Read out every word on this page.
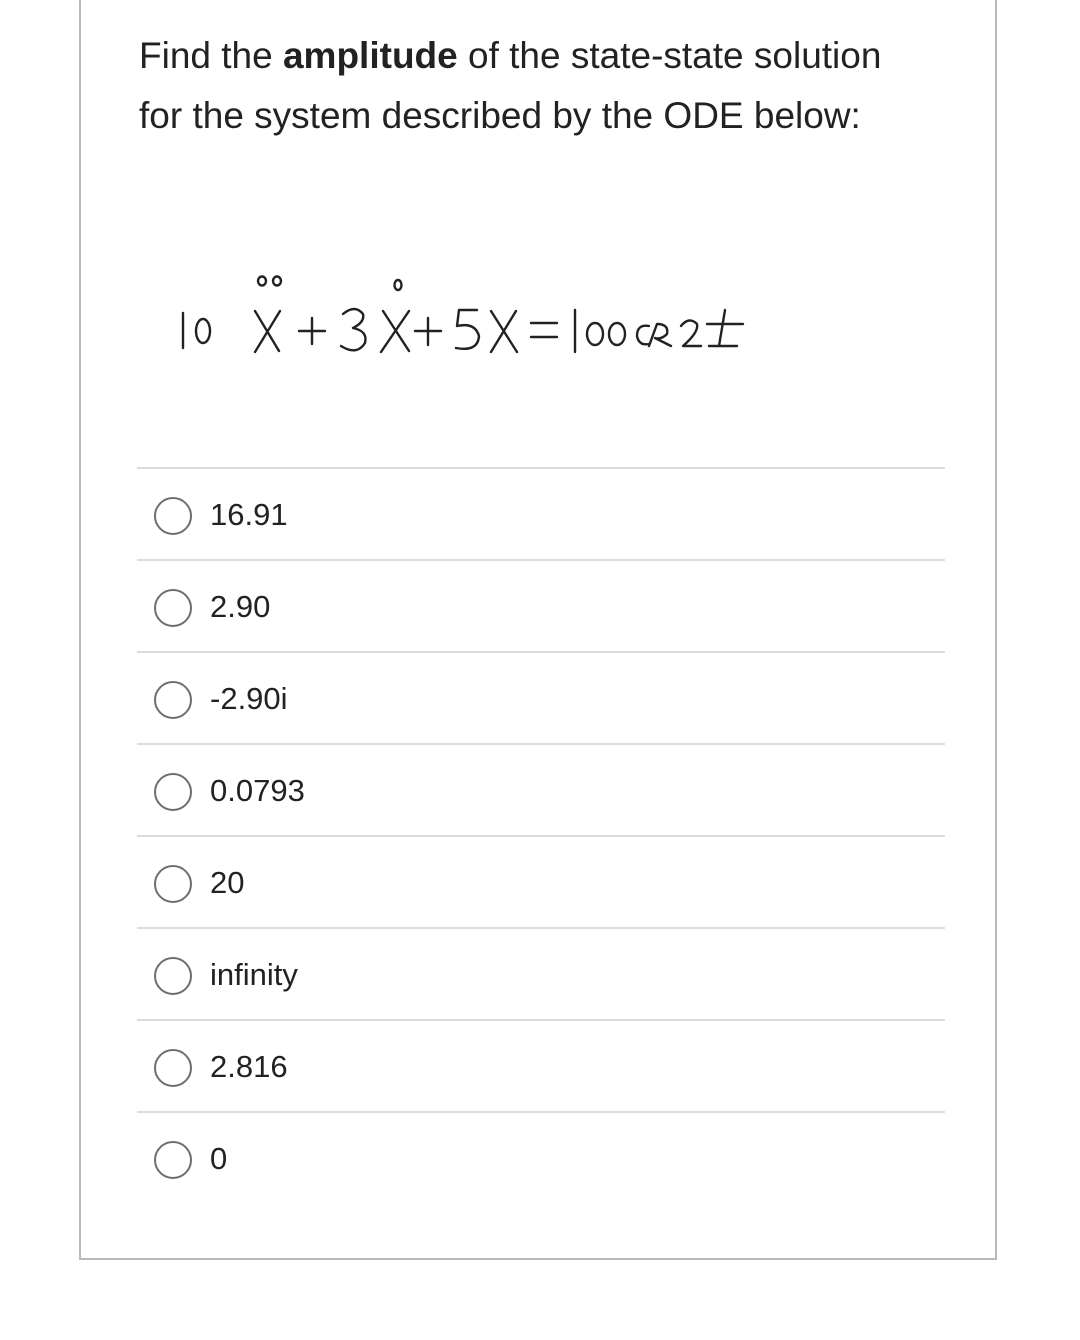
Find the amplitude of the state-state solution for the system described by the ODE below:
16.91
2.90
-2.90i
0.0793
20
infinity
2.816
0
